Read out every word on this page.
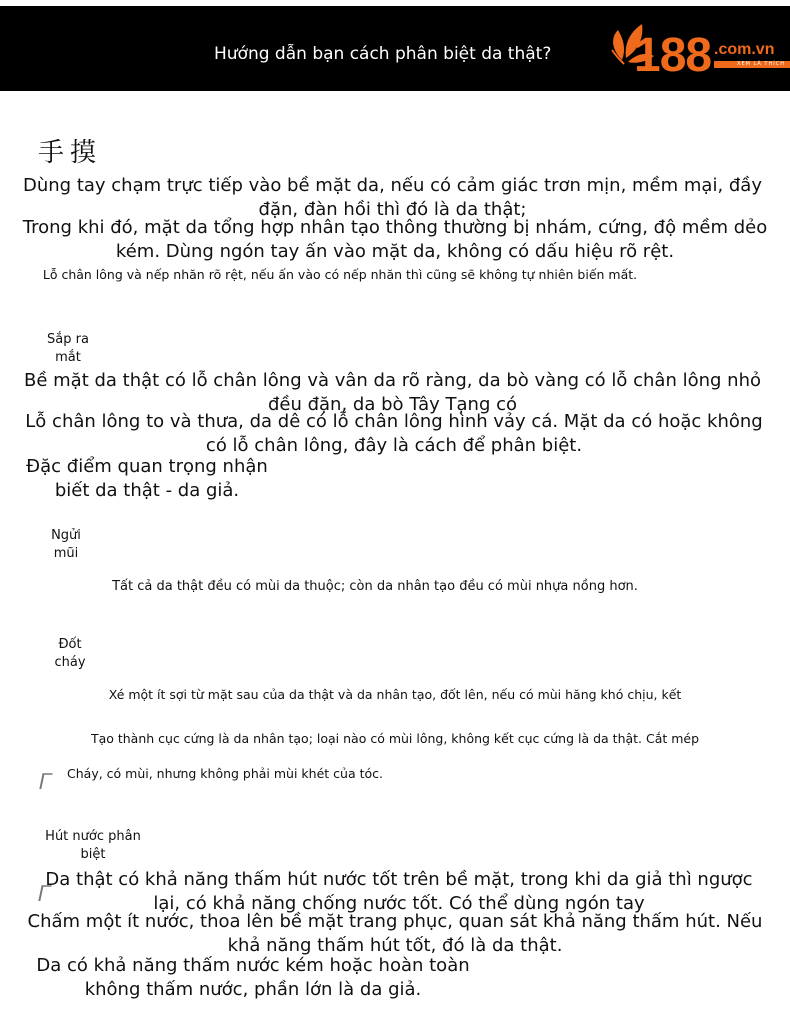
Hướng dẫn bạn cách phân biệt da thật? 188 .com.vn
XEM LÀ THÍCH
手摸
Dùng tay chạm trực tiếp vào bề mặt da, nếu có cảm giác trơn mịn, mềm mại, đầy đặn, đàn hồi thì đó là da thật;
Trong khi đó, mặt da tổng hợp nhân tạo thông thường bị nhám, cứng, độ mềm dẻo kém. Dùng ngón tay ấn vào mặt da, không có dấu hiệu rõ rệt.
Lỗ chân lông và nếp nhăn rõ rệt, nếu ấn vào có nếp nhăn thì cũng sẽ không tự nhiên biến mất.
Sắp ra mắt
Bề mặt da thật có lỗ chân lông và vân da rõ ràng, da bò vàng có lỗ chân lông nhỏ đều đặn, da bò Tây Tạng có
Lỗ chân lông to và thưa, da dê có lỗ chân lông hình vảy cá. Mặt da có hoặc không có lỗ chân lông, đây là cách để phân biệt.
Đặc điểm quan trọng nhận biết da thật - da giả.
Ngửi mũi
Tất cả da thật đều có mùi da thuộc; còn da nhân tạo đều có mùi nhựa nồng hơn.
Đốt cháy
Xé một ít sợi từ mặt sau của da thật và da nhân tạo, đốt lên, nếu có mùi hăng khó chịu, kết
Tạo thành cục cứng là da nhân tạo; loại nào có mùi lông, không kết cục cứng là da thật. Cắt mép
Cháy, có mùi, nhưng không phải mùi khét của tóc.
Hút nước phân biệt
Da thật có khả năng thấm hút nước tốt trên bề mặt, trong khi da giả thì ngược lại, có khả năng chống nước tốt. Có thể dùng ngón tay
Chấm một ít nước, thoa lên bề mặt trang phục, quan sát khả năng thấm hút. Nếu khả năng thấm hút tốt, đó là da thật.
Da có khả năng thấm nước kém hoặc hoàn toàn không thấm nước, phần lớn là da giả.
